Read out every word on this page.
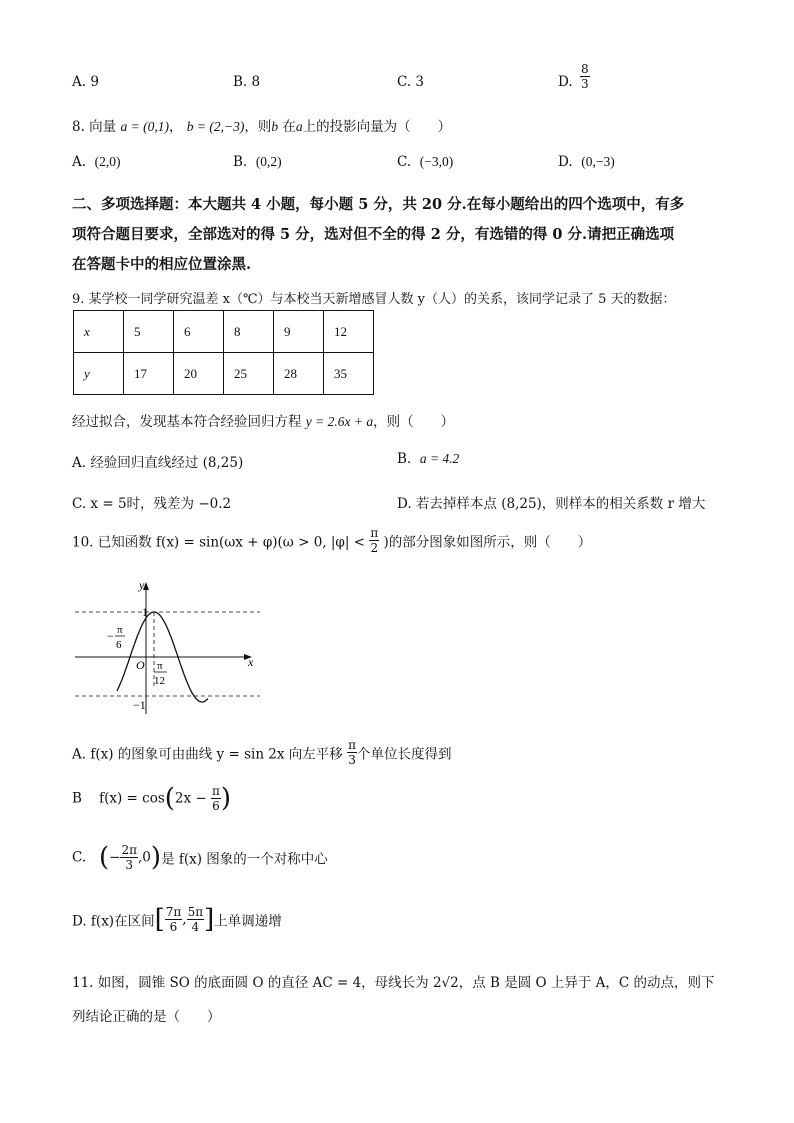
A. 9	B. 8	C. 3	D. $\frac{8}{3}$
8. 向量 a = (0,1)， b = (2,−3)，则b 在a上的投影向量为（　　）
A. (2,0)	B. (0,2)	C. (−3,0)	D. (0,−3)
二、多项选择题：本大题共 4 小题，每小题 5 分，共 20 分.在每小题给出的四个选项中，有多
项符合题目要求，全部选对的得 5 分，选对但不全的得 2 分，有选错的得 0 分.请把正确选项
在答题卡中的相应位置涂黑.
9. 某学校一同学研究温差 x（℃）与本校当天新增感冒人数 y（人）的关系，该同学记录了 5 天的数据：
x	5	6	8	9	12
y	17	20	25	28	35
经过拟合，发现基本符合经验回归方程 y = 2.6x + a，则（　　）
A. 经验回归直线经过 (8,25)	B. a = 4.2
C. x = 5时，残差为 −0.2	D. 若去掉样本点 (8,25)，则样本的相关系数 r 增大
10. 已知函数 f(x) = sin(ωx + φ)(ω > 0, $|\varphi| < \frac{\pi}{2}$ )的部分图象如图所示，则（　　）
y
x
1
−1
O
− π
6
π
12
A. f(x) 的图象可由曲线 y = sin 2x 向左平移 $\frac{\pi}{3}$ 个单位长度得到
B $f(x) = \cos(2x - \frac{\pi}{6}$ )
C. (− $\frac{2\pi}{3} ,0$)是 f(x) 图象的一个对称中心
D. f(x)在区间[ $\frac{7\pi}{6}$ , $\frac{5\pi}{4}$ ]上单调递增
11. 如图，圆锥 SO 的底面圆 O 的直径 AC = 4，母线长为 2√2，点 B 是圆 O 上异于 A，C 的动点，则下
列结论正确的是（　　）
